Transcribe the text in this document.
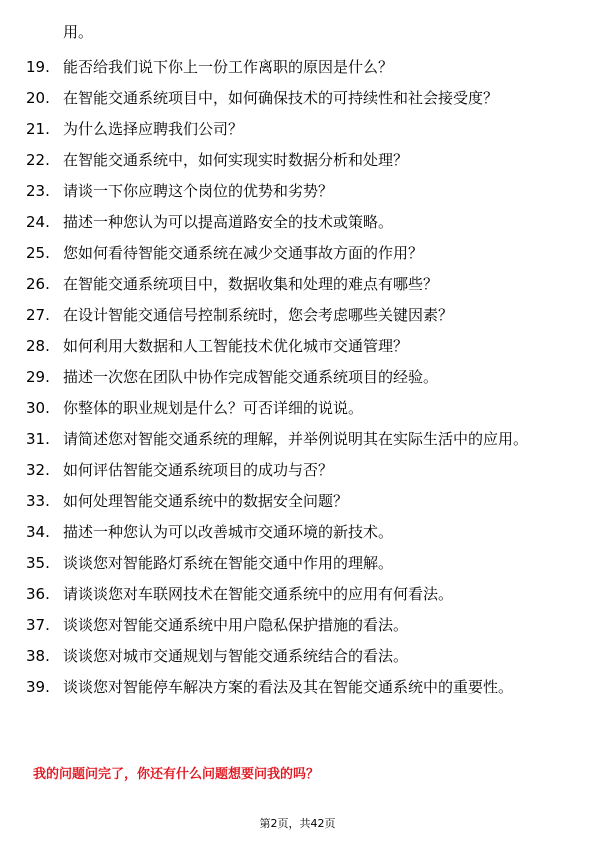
用。
19. 能否给我们说下你上一份工作离职的原因是什么？
20. 在智能交通系统项目中，如何确保技术的可持续性和社会接受度？
21. 为什么选择应聘我们公司？
22. 在智能交通系统中，如何实现实时数据分析和处理？
23. 请谈一下你应聘这个岗位的优势和劣势？
24. 描述一种您认为可以提高道路安全的技术或策略。
25. 您如何看待智能交通系统在减少交通事故方面的作用？
26. 在智能交通系统项目中，数据收集和处理的难点有哪些？
27. 在设计智能交通信号控制系统时，您会考虑哪些关键因素？
28. 如何利用大数据和人工智能技术优化城市交通管理？
29. 描述一次您在团队中协作完成智能交通系统项目的经验。
30. 你整体的职业规划是什么？可否详细的说说。
31. 请简述您对智能交通系统的理解，并举例说明其在实际生活中的应用。
32. 如何评估智能交通系统项目的成功与否？
33. 如何处理智能交通系统中的数据安全问题？
34. 描述一种您认为可以改善城市交通环境的新技术。
35. 谈谈您对智能路灯系统在智能交通中作用的理解。
36. 请谈谈您对车联网技术在智能交通系统中的应用有何看法。
37. 谈谈您对智能交通系统中用户隐私保护措施的看法。
38. 谈谈您对城市交通规划与智能交通系统结合的看法。
39. 谈谈您对智能停车解决方案的看法及其在智能交通系统中的重要性。
我的问题问完了，你还有什么问题想要问我的吗？
第2页，共42页
